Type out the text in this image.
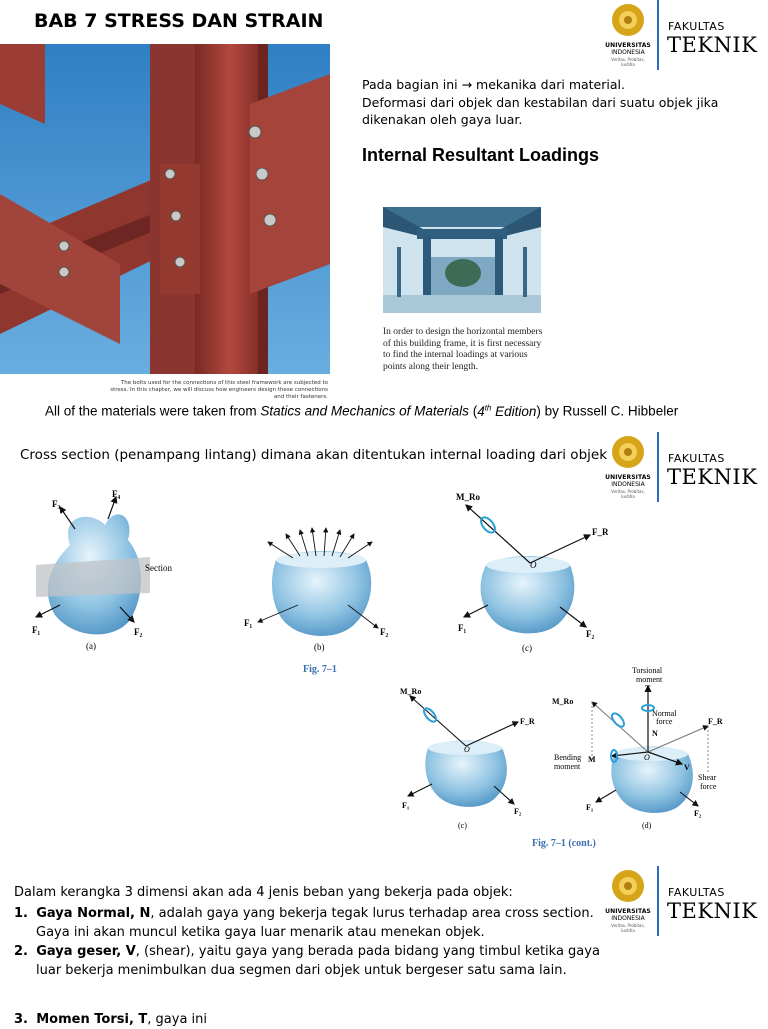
BAB 7 STRESS DAN STRAIN
The bolts used for the connections of this steel framework are subjected to
stress. In this chapter, we will discuss how engineers design these connections
and their fasteners.
Pada bagian ini → mekanika dari material.
Deformasi dari objek dan kestabilan dari suatu objek jika
dikenakan oleh gaya luar.
Internal Resultant Loadings
In order to design the horizontal members
of this building frame, it is first necessary
to find the internal loadings at various
points along their length.
All of the materials were taken from Statics and Mechanics of Materials (4th Edition) by Russell C. Hibbeler
UNIVERSITAS
INDONESIA
Veritas, Probitas, Iustitia
FAKULTAS
TEKNIK
Cross section (penampang lintang) dimana akan ditentukan internal loading dari objek
UNIVERSITAS
INDONESIA
Veritas, Probitas, Iustitia
FAKULTAS
TEKNIK
Section
F₃
F₄
F₁	F₂
(a)
F₁
F₂
(b)
M_Ro
F_R
O
F₁
F₂
(c)
Fig. 7–1
M_Ro
F_R
O
F₁
F₂
(c)
Torsional
moment
T
M_Ro
Normal
force
N
F_R
Bending
moment
M	O
V
Shear
force
F₁
F₂
(d)
Fig. 7–1 (cont.)
UNIVERSITAS
INDONESIA
Veritas, Probitas, Iustitia
FAKULTAS
TEKNIK
Dalam kerangka 3 dimensi akan ada 4 jenis beban yang bekerja pada objek:
1. Gaya Normal, N, adalah gaya yang bekerja tegak lurus terhadap area cross section.
Gaya ini akan muncul ketika gaya luar menarik atau menekan objek.
2. Gaya geser, V, (shear), yaitu gaya yang berada pada bidang yang timbul ketika gaya
luar bekerja menimbulkan dua segmen dari objek untuk bergeser satu sama lain.
3. Momen Torsi, T, gaya ini
